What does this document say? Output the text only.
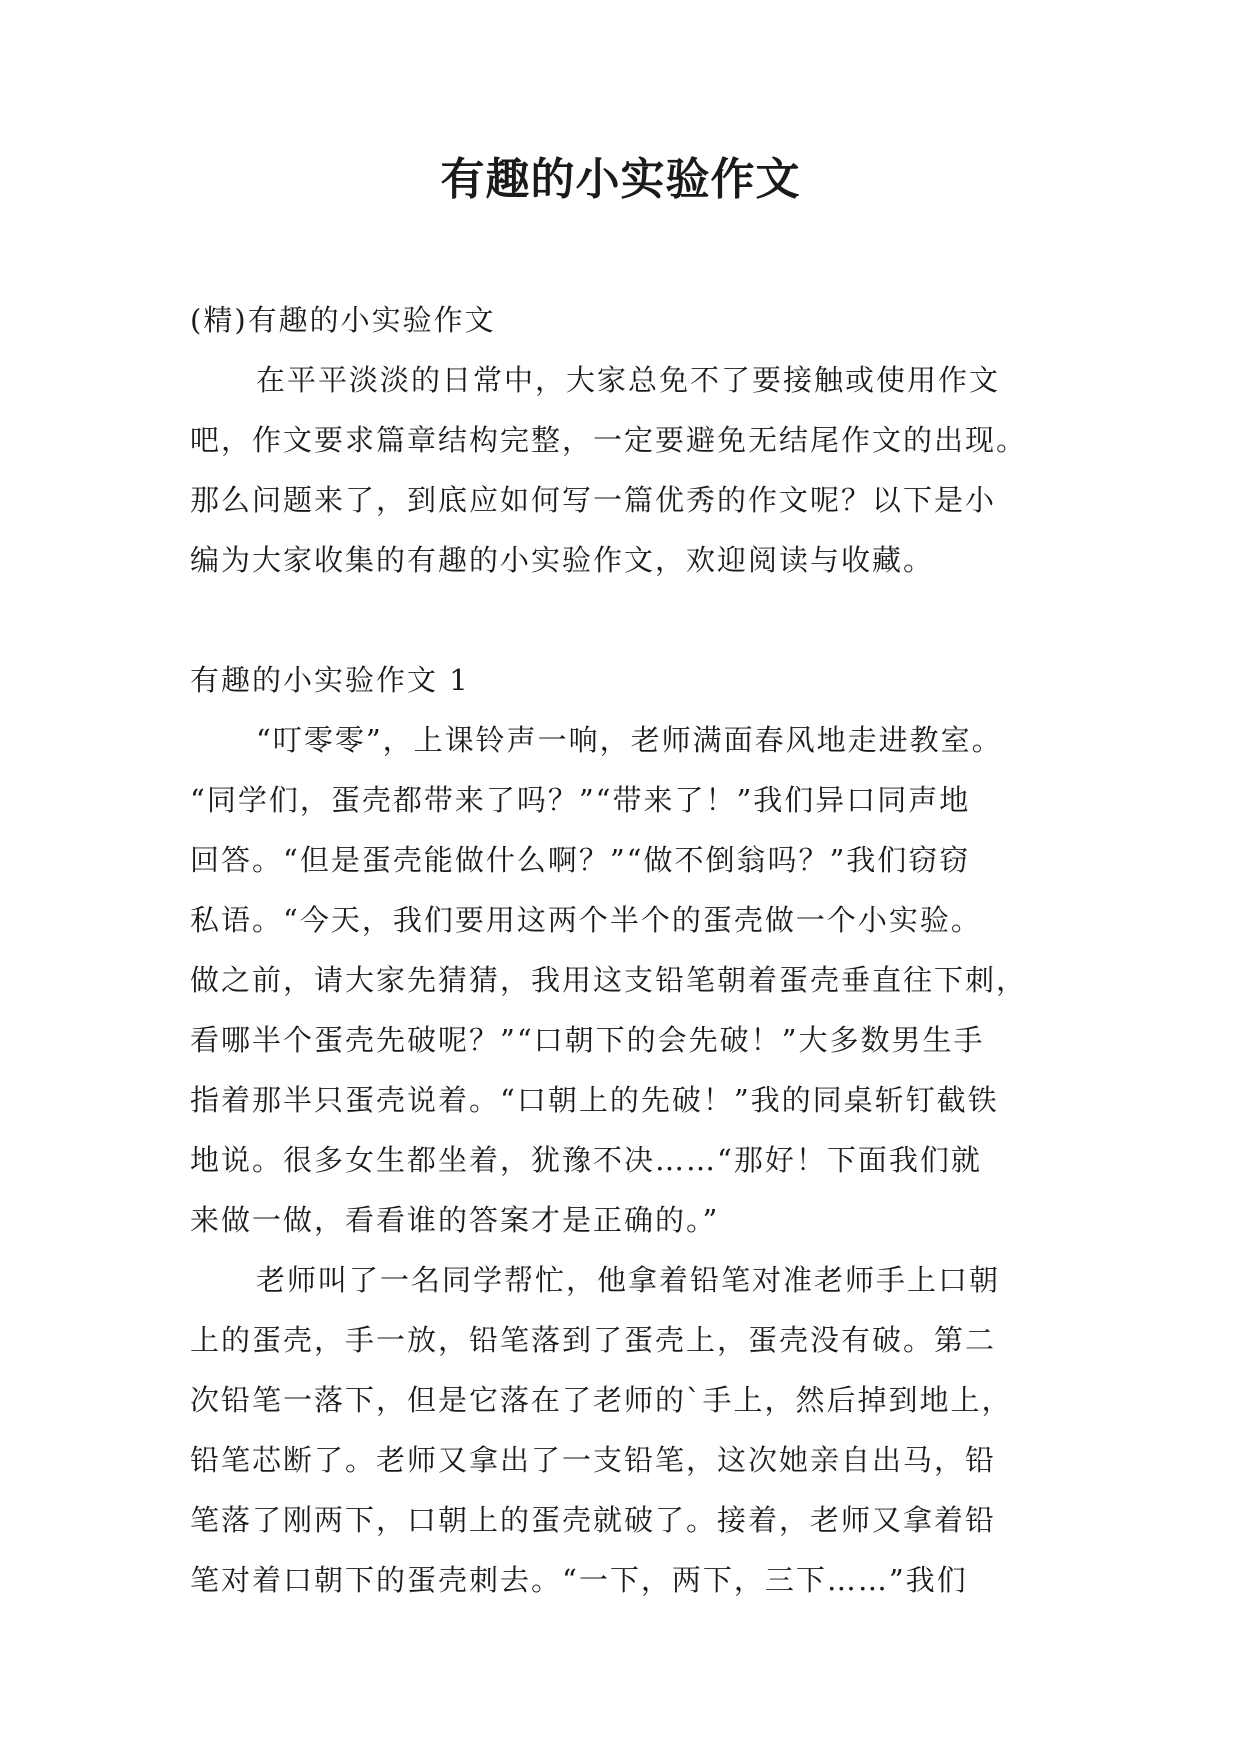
有趣的小实验作文
(精)有趣的小实验作文
在平平淡淡的日常中，大家总免不了要接触或使用作文
吧，作文要求篇章结构完整，一定要避免无结尾作文的出现。
那么问题来了，到底应如何写一篇优秀的作文呢？以下是小
编为大家收集的有趣的小实验作文，欢迎阅读与收藏。
有趣的小实验作文 1
“叮零零”，上课铃声一响，老师满面春风地走进教室。
“同学们，蛋壳都带来了吗？”“带来了！”我们异口同声地
回答。“但是蛋壳能做什么啊？”“做不倒翁吗？”我们窃窃
私语。“今天，我们要用这两个半个的蛋壳做一个小实验。
做之前，请大家先猜猜，我用这支铅笔朝着蛋壳垂直往下刺，
看哪半个蛋壳先破呢？”“口朝下的会先破！”大多数男生手
指着那半只蛋壳说着。“口朝上的先破！”我的同桌斩钉截铁
地说。很多女生都坐着，犹豫不决……“那好！下面我们就
来做一做，看看谁的答案才是正确的。”
老师叫了一名同学帮忙，他拿着铅笔对准老师手上口朝
上的蛋壳，手一放，铅笔落到了蛋壳上，蛋壳没有破。第二
次铅笔一落下，但是它落在了老师的`手上，然后掉到地上，
铅笔芯断了。老师又拿出了一支铅笔，这次她亲自出马，铅
笔落了刚两下，口朝上的蛋壳就破了。接着，老师又拿着铅
笔对着口朝下的蛋壳刺去。“一下，两下，三下……”我们
